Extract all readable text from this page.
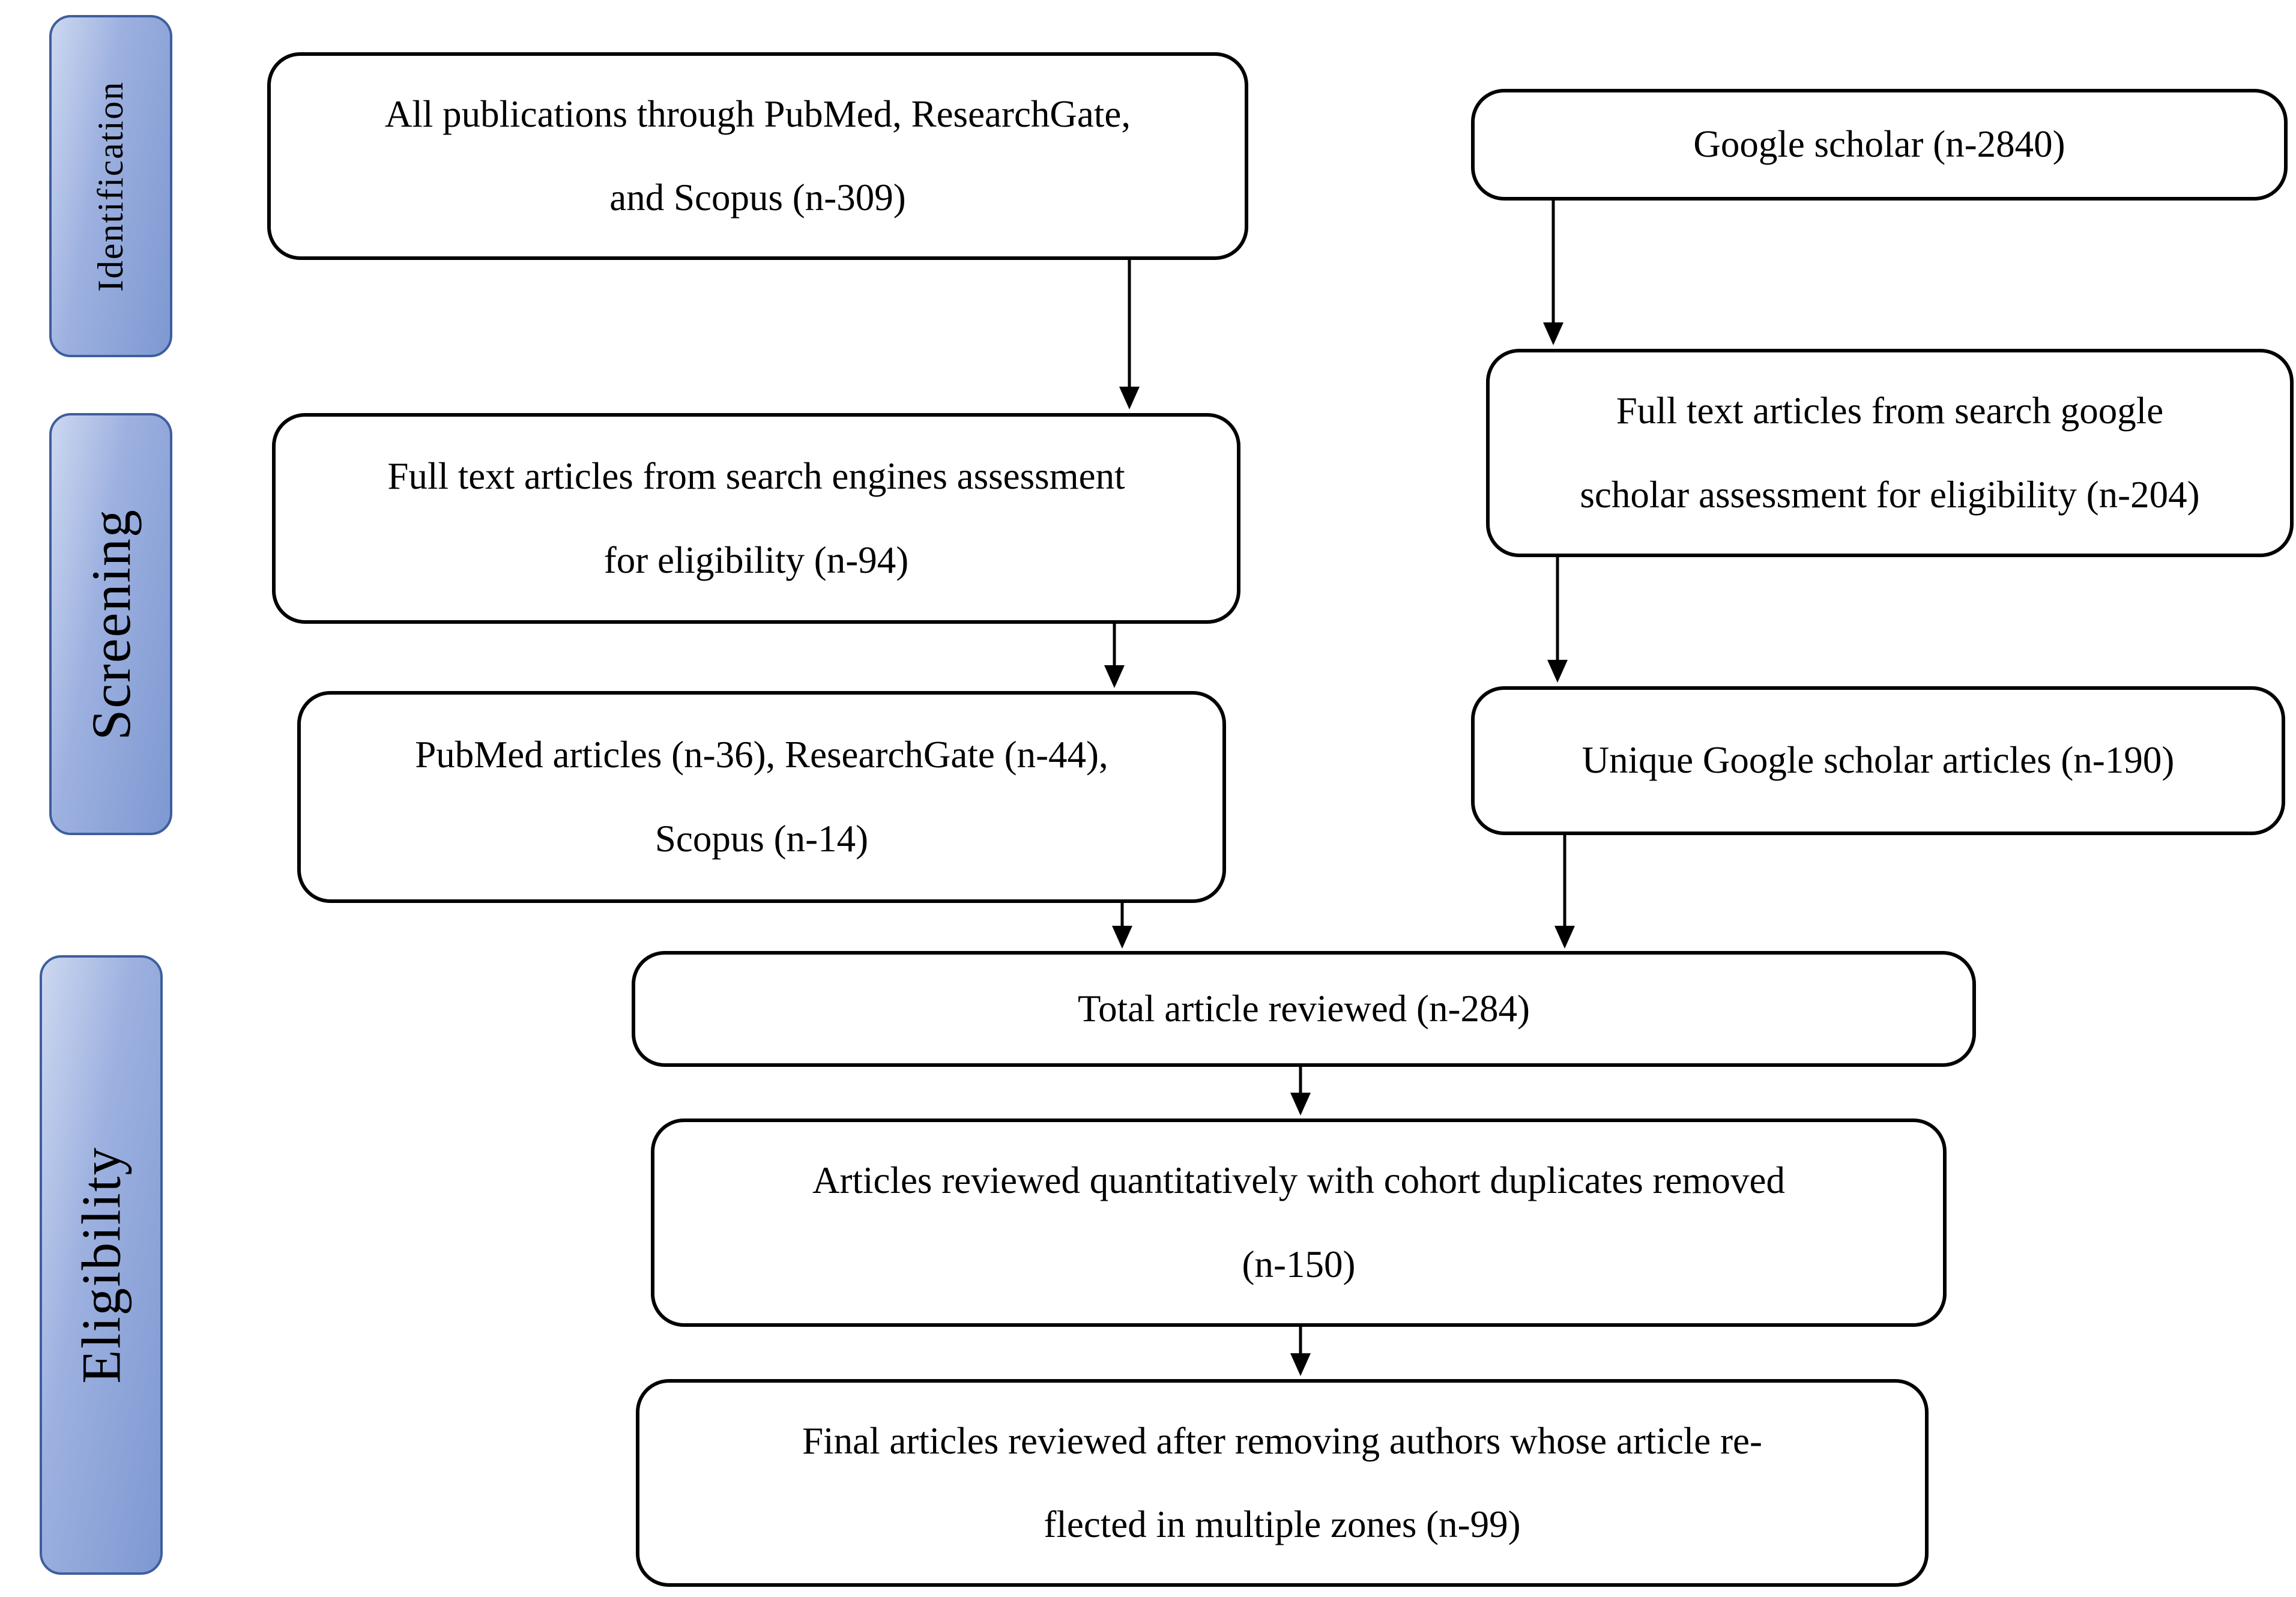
Identification
Screening
Eligibility
All publications through PubMed, ResearchGate,
and Scopus (n-309)
Google scholar (n-2840)
Full text articles from search engines assessment
for eligibility (n-94)
Full text articles from search google
scholar assessment for eligibility (n-204)
PubMed articles (n-36), ResearchGate (n-44),
Scopus (n-14)
Unique Google scholar articles (n-190)
Total article reviewed (n-284)
Articles reviewed quantitatively with cohort duplicates removed
(n-150)
Final articles reviewed after removing authors whose article re-
flected in multiple zones (n-99)
